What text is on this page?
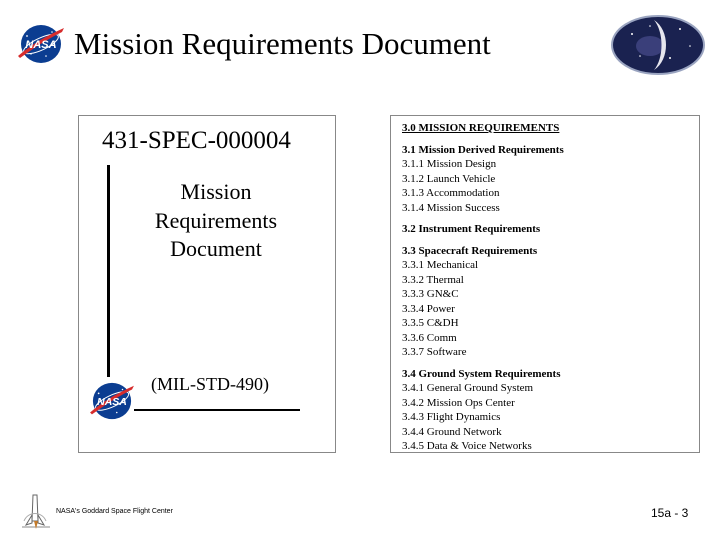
NASA Mission Requirements Document
431-SPEC-000004
Mission
Requirements
Document
NASA
(MIL-STD-490)
3.0 MISSION REQUIREMENTS
3.1 Mission Derived Requirements
3.1.1 Mission Design
3.1.2 Launch Vehicle
3.1.3 Accommodation
3.1.4 Mission Success
3.2 Instrument Requirements
3.3 Spacecraft Requirements
3.3.1 Mechanical
3.3.2 Thermal
3.3.3 GN&C
3.3.4 Power
3.3.5 C&DH
3.3.6 Comm
3.3.7 Software
3.4 Ground System Requirements
3.4.1 General Ground System
3.4.2 Mission Ops Center
3.4.3 Flight Dynamics
3.4.4 Ground Network
3.4.5 Data & Voice Networks
NASA's Goddard Space Flight Center	15a - 3
